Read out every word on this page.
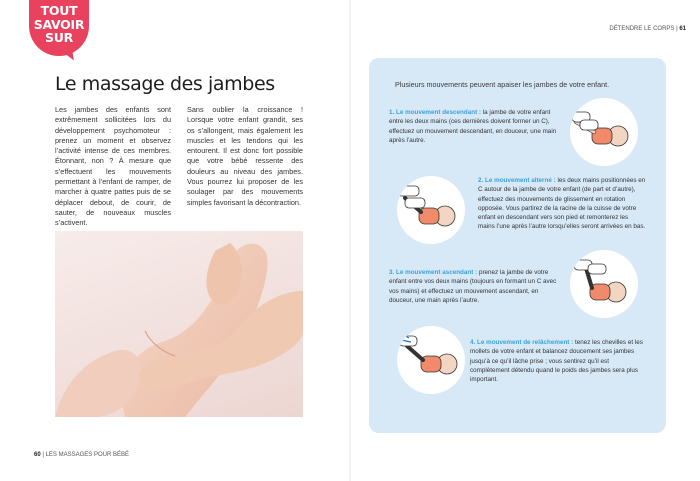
TOUT
SAVOIR
SUR
Le massage des jambes

Les jambes des enfants sont extrêmement sollicitées lors du développement psychomoteur : prenez un moment et observez l’activité intense de ces membres. Étonnant, non ? À mesure que s’effectuent les mouvements permettant à l’enfant de ramper, de marcher à quatre pattes puis de se déplacer debout, de courir, de sauter, de nouveaux muscles s’activent.

Sans oublier la croissance ! Lorsque votre enfant grandit, ses os s’allongent, mais également les muscles et les tendons qui les entourent. Il est donc fort possible que votre bébé ressente des douleurs au niveau des jambes. Vous pourrez lui proposer de les soulager par des mouvements simples favorisant la décontraction.

60 | LES MASSAGES POUR BÉBÉ
DÉTENDRE LE CORPS | 61
Plusieurs mouvements peuvent apaiser les jambes de votre enfant.

1. Le mouvement descendant : la jambe de votre enfant entre les deux mains (ces dernières doivent former un C), effectuez un mouvement descendant, en douceur, une main après l’autre.

2. Le mouvement alterné : les deux mains positionnées en C autour de la jambe de votre enfant (de part et d’autre), effectuez des mouvements de glissement en rotation opposée. Vous partirez de la racine de la cuisse de votre enfant en descendant vers son pied et remonterez les mains l’une après l’autre lorsqu’elles seront arrivées en bas.

3. Le mouvement ascendant : prenez la jambe de votre enfant entre vos deux mains (toujours en formant un C avec vos mains) et effectuez un mouvement ascendant, en douceur, une main après l’autre.

4. Le mouvement de relâchement : tenez les chevilles et les mollets de votre enfant et balancez doucement ses jambes jusqu’à ce qu’il lâche prise ; vous sentirez qu’il est complètement détendu quand le poids des jambes sera plus important.
